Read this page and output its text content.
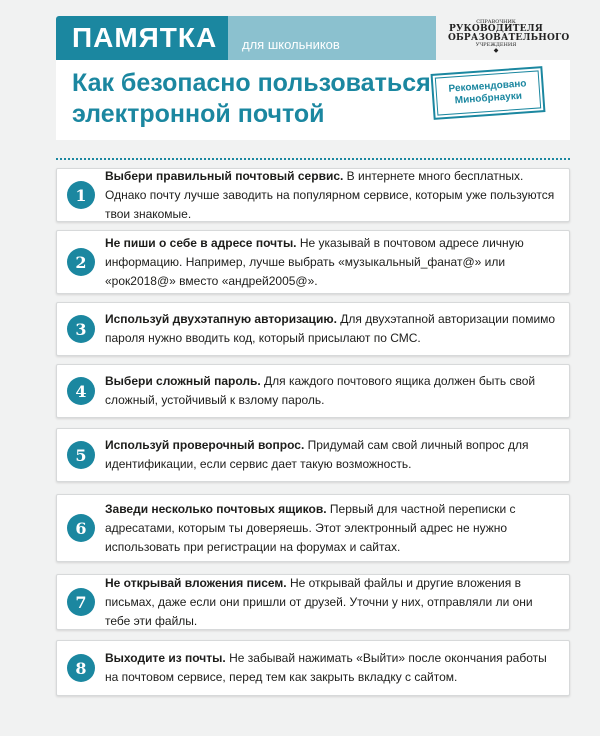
ПАМЯТКА	для школьников
СПРАВОЧНИК
РУКОВОДИТЕЛЯ
ОБРАЗОВАТЕЛЬНОГО
УЧРЕЖДЕНИЯ
◆
Как безопасно пользоваться
электронной почтой
Рекомендовано
Минобрнауки
1
Выбери правильный почтовый сервис. В интернете много бесплатных. Однако почту лучше заводить на популярном сервисе, которым уже пользуются твои знакомые.
2
Не пиши о себе в адресе почты. Не указывай в почтовом адресе личную информацию. Например, лучше выбрать «музыкальный_фанат@» или «рок2018@» вместо «андрей2005@».
3
Используй двухэтапную авторизацию. Для двухэтапной авторизации помимо пароля нужно вводить код, который присылают по СМС.
4
Выбери сложный пароль. Для каждого почтового ящика должен быть свой сложный, устойчивый к взлому пароль.
5
Используй проверочный вопрос. Придумай сам свой личный вопрос для идентификации, если сервис дает такую возможность.
6
Заведи несколько почтовых ящиков. Первый для частной переписки с адресатами, которым ты доверяешь. Этот электронный адрес не нужно использовать при регистрации на форумах и сайтах.
7
Не открывай вложения писем. Не открывай файлы и другие вложения в письмах, даже если они пришли от друзей. Уточни у них, отправляли ли они тебе эти файлы.
8
Выходите из почты. Не забывай нажимать «Выйти» после окончания работы на почтовом сервисе, перед тем как закрыть вкладку с сайтом.
